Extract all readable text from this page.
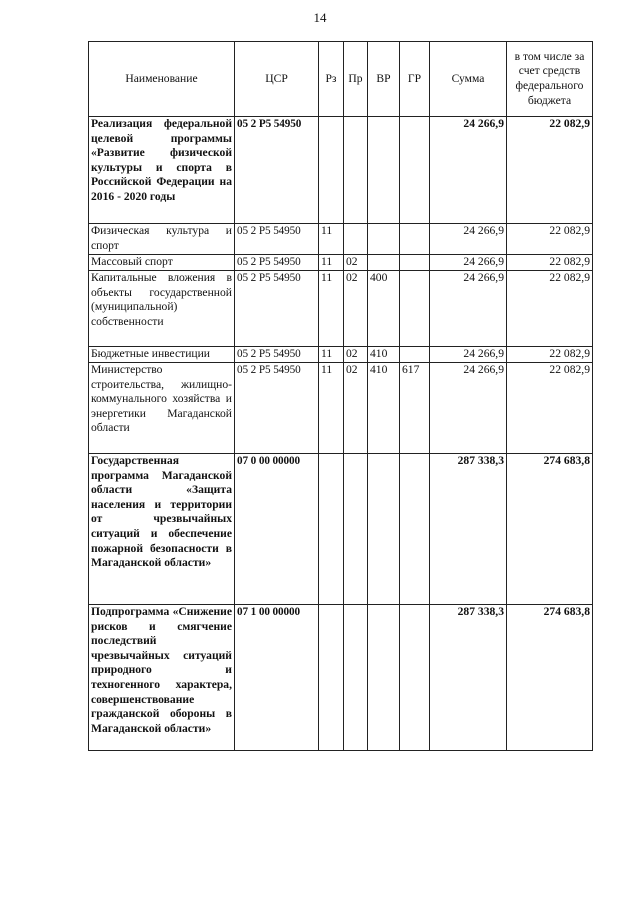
14
Наименование	ЦСР	Рз	Пр	ВР	ГР	Сумма	в том числе за счет средств федерального бюджета
Реализация федеральной целевой программы «Развитие физической культуры и спорта в Российской Федерации на 2016 - 2020 годы	05 2 P5 54950					24 266,9	22 082,9
Физическая культура и спорт	05 2 P5 54950	11				24 266,9	22 082,9
Массовый спорт	05 2 P5 54950	11	02			24 266,9	22 082,9
Капитальные вложения в объекты государственной (муниципальной) собственности	05 2 P5 54950	11	02	400		24 266,9	22 082,9
Бюджетные инвестиции	05 2 P5 54950	11	02	410		24 266,9	22 082,9
Министерство строительства, жилищно-коммунального хозяйства и энергетики Магаданской области	05 2 P5 54950	11	02	410	617	24 266,9	22 082,9
Государственная программа Магаданской области «Защита населения и территории от чрезвычайных ситуаций и обеспечение пожарной безопасности в Магаданской области»	07 0 00 00000					287 338,3	274 683,8
Подпрограмма «Снижение рисков и смягчение последствий чрезвычайных ситуаций природного и техногенного характера, совершенствование гражданской обороны в Магаданской области»	07 1 00 00000					287 338,3	274 683,8
